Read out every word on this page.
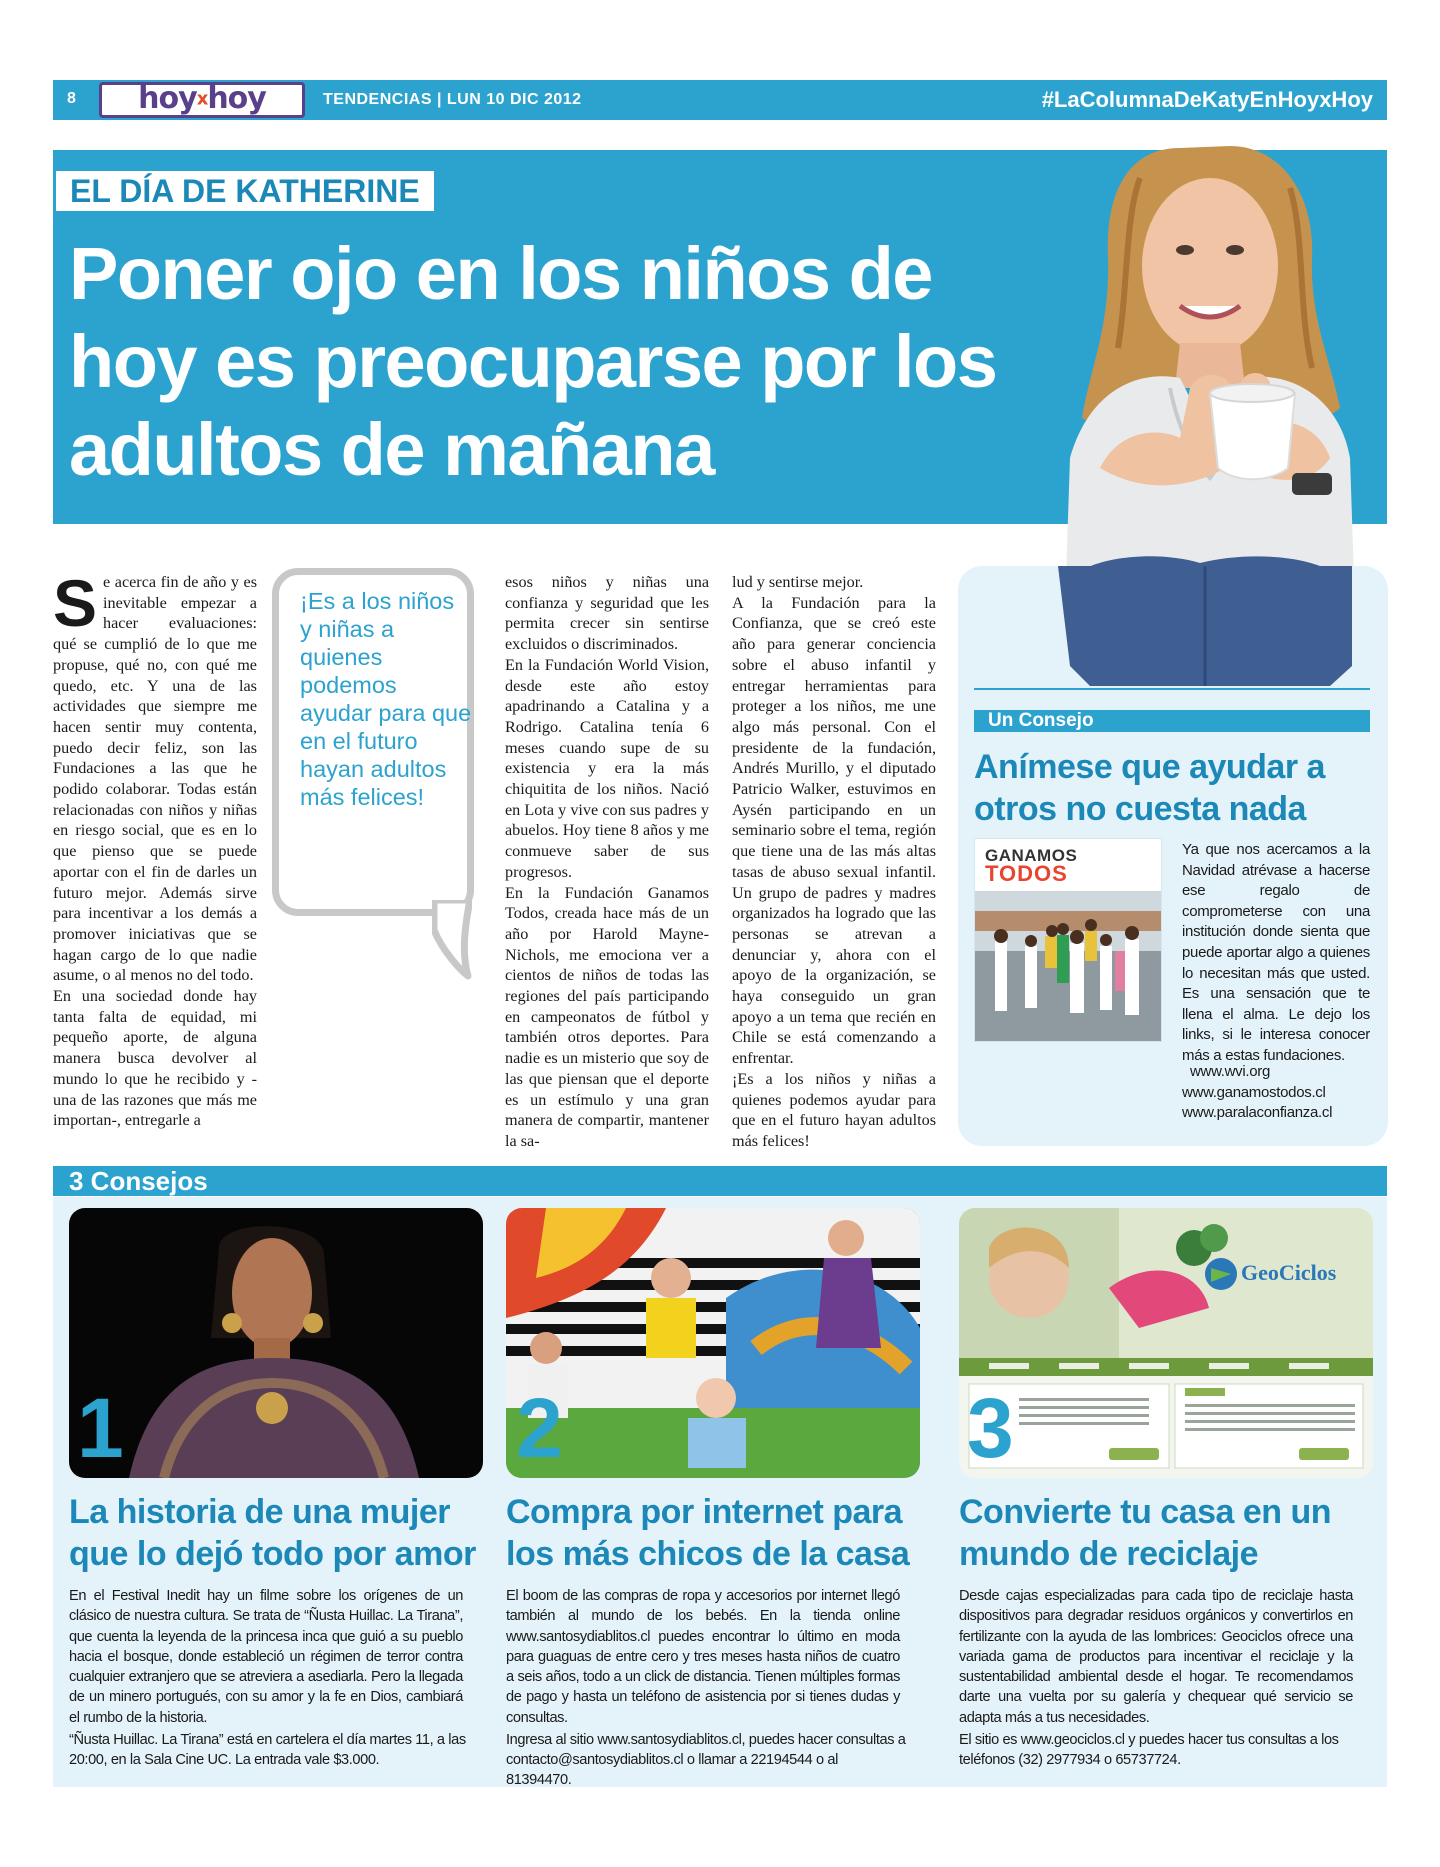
8	hoyxhoy	TENDENCIAS | LUN 10 DIC 2012	#LaColumnaDeKatyEnHoyxHoy
EL DÍA DE KATHERINE
Poner ojo en los niños de hoy es preocuparse por los adultos de mañana
S e acerca fin de año y es inevitable empezar a hacer evaluaciones: qué se cumplió de lo que me propuse, qué no, con qué me quedo, etc. Y una de las actividades que siempre me hacen sentir muy contenta, puedo decir feliz, son las Fundaciones a las que he podido colaborar. Todas están relacionadas con niños y niñas en riesgo social, que es en lo que pienso que se puede aportar con el fin de darles un futuro mejor. Además sirve para incentivar a los demás a promover iniciativas que se hagan cargo de lo que nadie asume, o al menos no del todo.

En una sociedad donde hay tanta falta de equidad, mi pequeño aporte, de alguna manera busca devolver al mundo lo que he recibido y -una de las razones que más me importan-, entregarle a

¡Es a los niños y niñas a quienes podemos ayudar para que en el futuro hayan adultos más felices!

esos niños y niñas una confianza y seguridad que les permita crecer sin sentirse excluidos o discriminados.

En la Fundación World Vision, desde este año estoy apadrinando a Catalina y a Rodrigo. Catalina tenía 6 meses cuando supe de su existencia y era la más chiquitita de los niños. Nació en Lota y vive con sus padres y abuelos. Hoy tiene 8 años y me conmueve saber de sus progresos.

En la Fundación Ganamos Todos, creada hace más de un año por Harold Mayne-Nichols, me emociona ver a cientos de niños de todas las regiones del país participando en campeonatos de fútbol y también otros deportes. Para nadie es un misterio que soy de las que piensan que el deporte es un estímulo y una gran manera de compartir, mantener la sa-

lud y sentirse mejor.

A la Fundación para la Confianza, que se creó este año para generar conciencia sobre el abuso infantil y entregar herramientas para proteger a los niños, me une algo más personal. Con el presidente de la fundación, Andrés Murillo, y el diputado Patricio Walker, estuvimos en Aysén participando en un seminario sobre el tema, región que tiene una de las más altas tasas de abuso sexual infantil. Un grupo de padres y madres organizados ha logrado que las personas se atrevan a denunciar y, ahora con el apoyo de la organización, se haya conseguido un gran apoyo a un tema que recién en Chile se está comenzando a enfrentar.

¡Es a los niños y niñas a quienes podemos ayudar para que en el futuro hayan adultos más felices!

Un Consejo
Anímese que ayudar a otros no cuesta nada
GANAMOS
TODOS
Ya que nos acercamos a la Navidad atrévase a hacerse ese regalo de comprometerse con una institución donde sienta que puede aportar algo a quienes lo necesitan más que usted. Es una sensación que te llena el alma. Le dejo los links, si le interesa conocer más a estas fundaciones.
www.wvi.org
www.ganamostodos.cl
www.paralaconfianza.cl
3 Consejos
1	2
GeoCiclos
3
La historia de una mujer que lo dejó todo por amor

En el Festival Inedit hay un filme sobre los orígenes de un clásico de nuestra cultura. Se trata de “Ñusta Huillac. La Tirana”, que cuenta la leyenda de la princesa inca que guió a su pueblo hacia el bosque, donde estableció un régimen de terror contra cualquier extranjero que se atreviera a asediarla. Pero la llegada de un minero portugués, con su amor y la fe en Dios, cambiará el rumbo de la historia.

“Ñusta Huillac. La Tirana” está en cartelera el día martes 11, a las 20:00, en la Sala Cine UC. La entrada vale $3.000.

Compra por internet para los más chicos de la casa

El boom de las compras de ropa y accesorios por internet llegó también al mundo de los bebés. En la tienda online www.santosydiablitos.cl puedes encontrar lo último en moda para guaguas de entre cero y tres meses hasta niños de cuatro a seis años, todo a un click de distancia. Tienen múltiples formas de pago y hasta un teléfono de asistencia por si tienes dudas y consultas.

Ingresa al sitio www.santosydiablitos.cl, puedes hacer consultas a contacto@santosydiablitos.cl o llamar a 22194544 o al 81394470.

Convierte tu casa en un mundo de reciclaje

Desde cajas especializadas para cada tipo de reciclaje hasta dispositivos para degradar residuos orgánicos y convertirlos en fertilizante con la ayuda de las lombrices: Geociclos ofrece una variada gama de productos para incentivar el reciclaje y la sustentabilidad ambiental desde el hogar. Te recomendamos darte una vuelta por su galería y chequear qué servicio se adapta más a tus necesidades.

El sitio es www.geociclos.cl y puedes hacer tus consultas a los teléfonos (32) 2977934 o 65737724.
